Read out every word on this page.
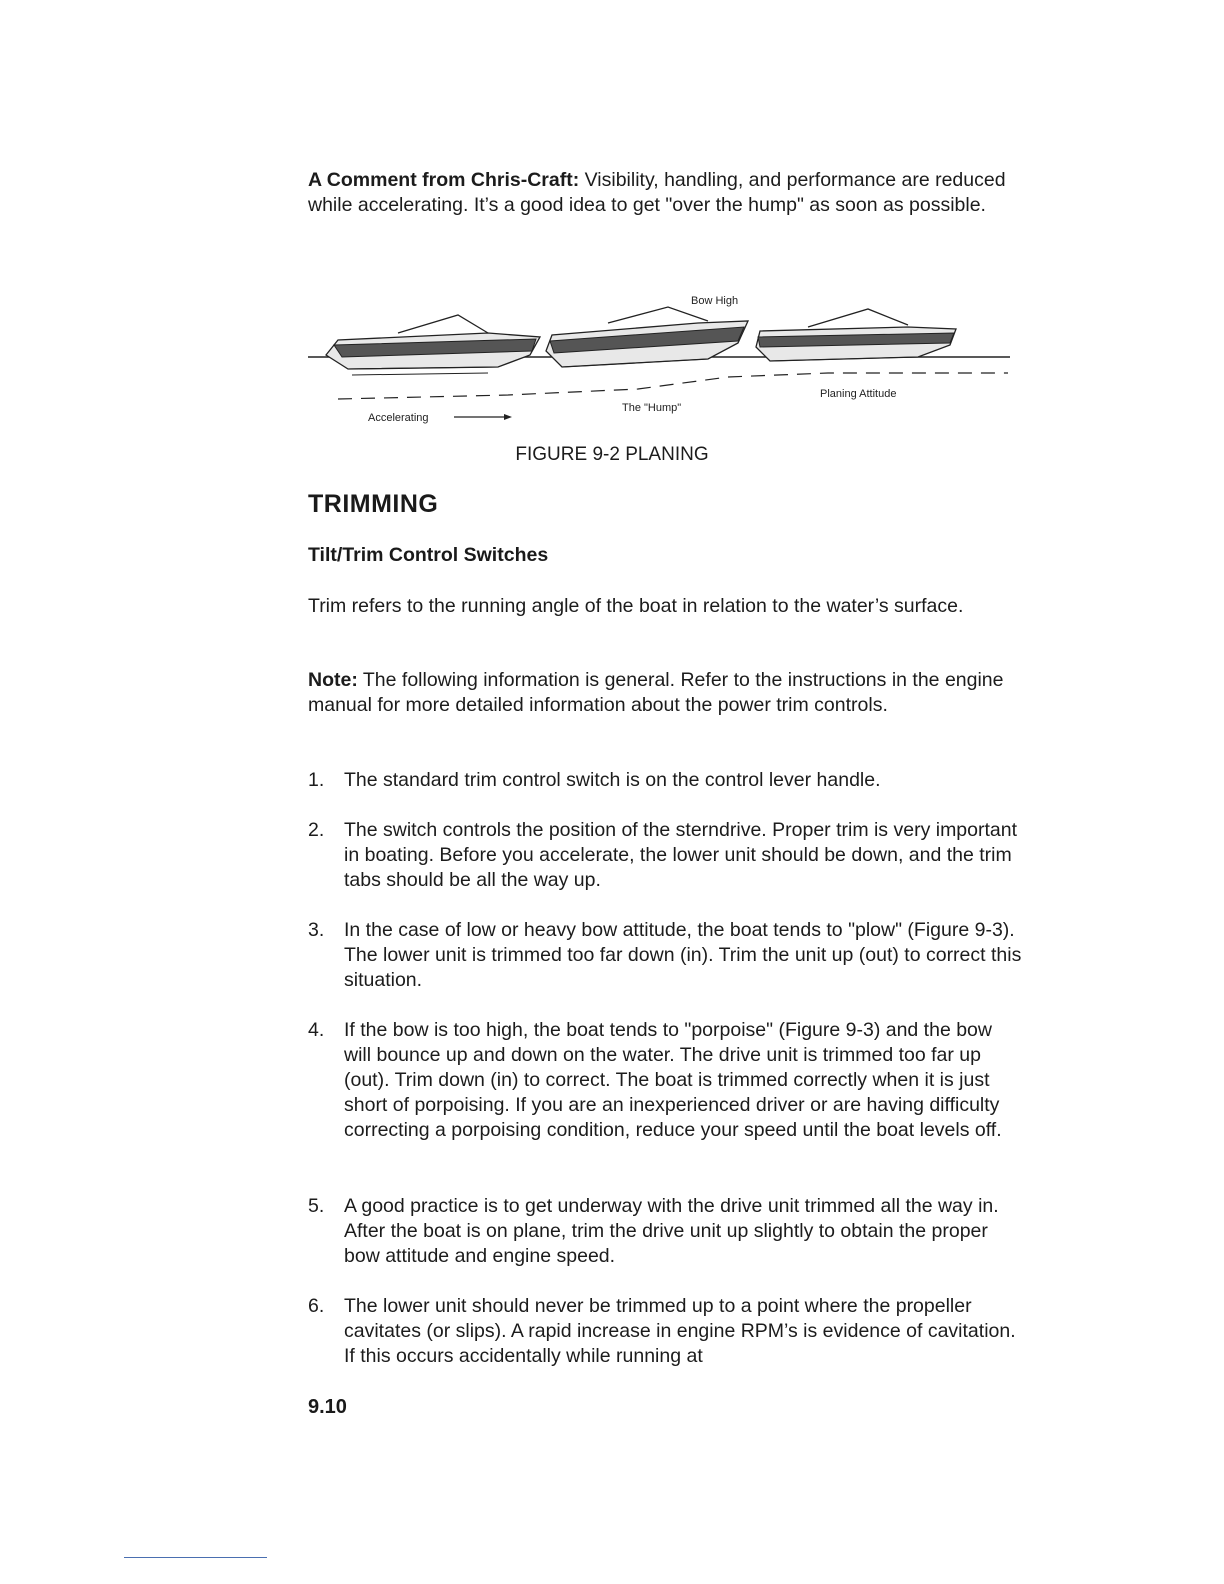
A Comment from Chris-Craft: Visibility, handling, and performance are reduced while accelerating. It’s a good idea to get "over the hump" as soon as possible.

Bow High
Planing Attitude
The "Hump"
Accelerating
FIGURE 9-2 PLANING
TRIMMING
Tilt/Trim Control Switches

Trim refers to the running angle of the boat in relation to the water’s surface.

Note: The following information is general. Refer to the instructions in the engine manual for more detailed information about the power trim controls.

1.	The standard trim control switch is on the control lever handle.
2.	The switch controls the position of the sterndrive. Proper trim is very important in boating. Before you accelerate, the lower unit should be down, and the trim tabs should be all the way up.
3.	In the case of low or heavy bow attitude, the boat tends to "plow" (Figure 9-3). The lower unit is trimmed too far down (in). Trim the unit up (out) to correct this situation.
4.	If the bow is too high, the boat tends to "porpoise" (Figure 9-3) and the bow will bounce up and down on the water. The drive unit is trimmed too far up (out). Trim down (in) to correct. The boat is trimmed correctly when it is just short of porpoising. If you are an inexperienced driver or are having difficulty correcting a porpoising condition, reduce your speed until the boat levels off.
5.	A good practice is to get underway with the drive unit trimmed all the way in. After the boat is on plane, trim the drive unit up slightly to obtain the proper bow attitude and engine speed.
6.	The lower unit should never be trimmed up to a point where the propeller cavitates (or slips). A rapid increase in engine RPM’s is evidence of cavitation. If this occurs accidentally while running at
9.10
